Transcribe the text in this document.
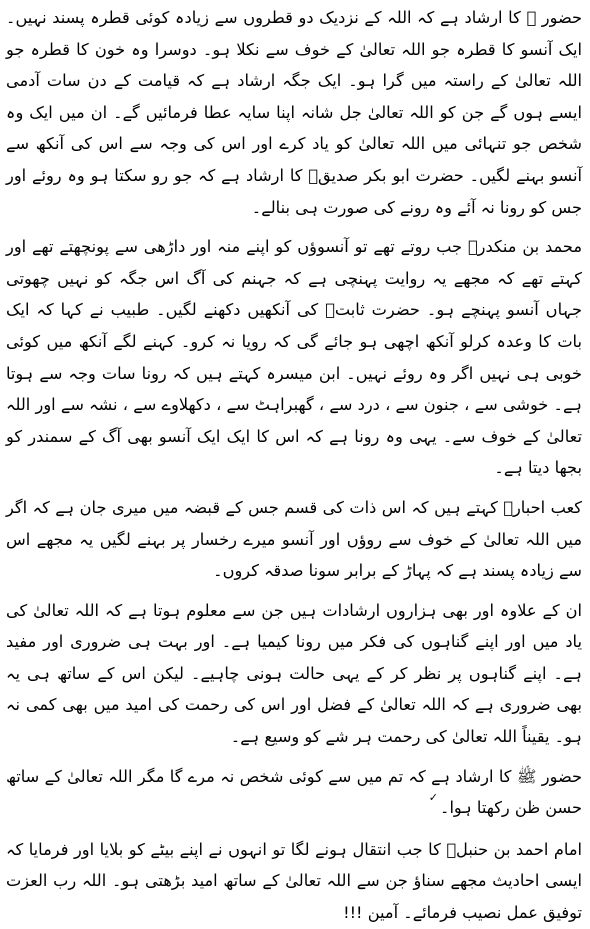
حضور ﷺ کا ارشاد ہے کہ اللہ کے نزدیک دو قطروں سے زیادہ کوئی قطرہ پسند نہیں۔ ایک آنسو کا قطرہ جو اللہ تعالیٰ کے خوف سے نکلا ہو۔ دوسرا وہ خون کا قطرہ جو اللہ تعالیٰ کے راستہ میں گرا ہو۔ ایک جگہ ارشاد ہے کہ قیامت کے دن سات آدمی ایسے ہوں گے جن کو اللہ تعالیٰ جل شانہ اپنا سایہ عطا فرمائیں گے۔ ان میں ایک وہ شخص جو تنہائی میں اللہ تعالیٰ کو یاد کرے اور اس کی وجہ سے اس کی آنکھ سے آنسو بہنے لگیں۔ حضرت ابو بکر صدیقؓ کا ارشاد ہے کہ جو رو سکتا ہو وہ روئے اور جس کو رونا نہ آئے وہ رونے کی صورت ہی بنالے۔

محمد بن منکدرؒ جب روتے تھے تو آنسوؤں کو اپنے منہ اور داڑھی سے پونچھتے تھے اور کہتے تھے کہ مجھے یہ روایت پہنچی ہے کہ جہنم کی آگ اس جگہ کو نہیں چھوتی جہاں آنسو پہنچے ہو۔ حضرت ثابتؒ کی آنکھیں دکھنے لگیں۔ طبیب نے کہا کہ ایک بات کا وعدہ کرلو آنکھ اچھی ہو جائے گی کہ رویا نہ کرو۔ کہنے لگے آنکھ میں کوئی خوبی ہی نہیں اگر وہ روئے نہیں۔ ابن میسرہ کہتے ہیں کہ رونا سات وجہ سے ہوتا ہے۔ خوشی سے ، جنون سے ، درد سے ، گھبراہٹ سے ، دکھلاوے سے ، نشہ سے اور اللہ تعالیٰ کے خوف سے۔ یہی وہ رونا ہے کہ اس کا ایک ایک آنسو بھی آگ کے سمندر کو بجھا دیتا ہے۔

کعب احبارؒ کہتے ہیں کہ اس ذات کی قسم جس کے قبضہ میں میری جان ہے کہ اگر میں اللہ تعالیٰ کے خوف سے روؤں اور آنسو میرے رخسار پر بہنے لگیں یہ مجھے اس سے زیادہ پسند ہے کہ پہاڑ کے برابر سونا صدقہ کروں۔

ان کے علاوہ اور بھی ہزاروں ارشادات ہیں جن سے معلوم ہوتا ہے کہ اللہ تعالیٰ کی یاد میں اور اپنے گناہوں کی فکر میں رونا کیمیا ہے۔ اور بہت ہی ضروری اور مفید ہے۔ اپنے گناہوں پر نظر کر کے یہی حالت ہونی چاہیے۔ لیکن اس کے ساتھ ہی یہ بھی ضروری ہے کہ اللہ تعالیٰ کے فضل اور اس کی رحمت کی امید میں بھی کمی نہ ہو۔ یقیناً اللہ تعالیٰ کی رحمت ہر شے کو وسیع ہے۔

حضور ﷺ کا ارشاد ہے کہ تم میں سے کوئی شخص نہ مرے گا مگر اللہ تعالیٰ کے ساتھ حسن ظن رکھتا ہوا۔✓

امام احمد بن حنبلؒ کا جب انتقال ہونے لگا تو انہوں نے اپنے بیٹے کو بلایا اور فرمایا کہ ایسی احادیث مجھے سناؤ جن سے اللہ تعالیٰ کے ساتھ امید بڑھتی ہو۔ اللہ رب العزت توفیق عمل نصیب فرمائے۔ آمین !!!
